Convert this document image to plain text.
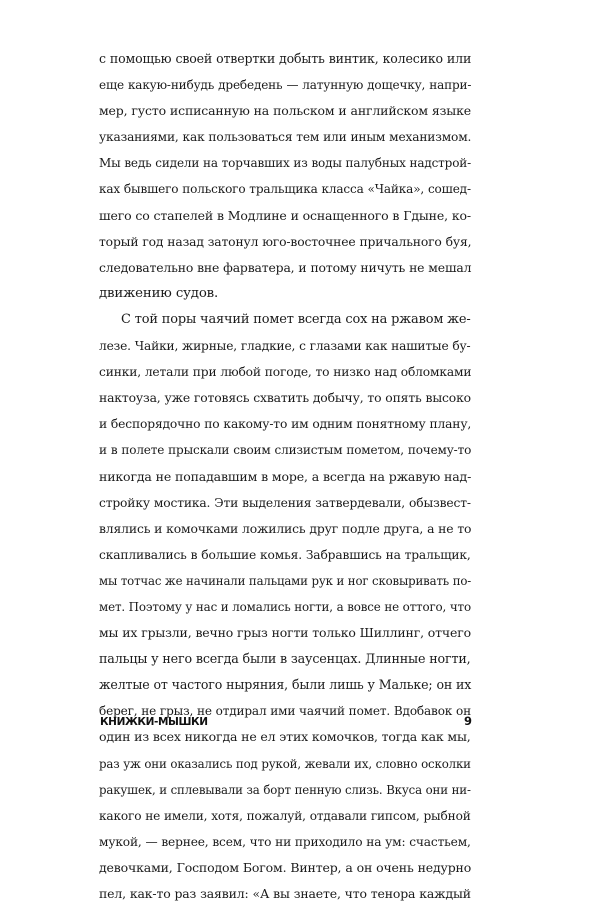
с помощью своей отвертки добыть винтик, колесико или
еще какую-нибудь дребедень — латунную дощечку, напри-
мер, густо исписанную на польском и английском языке
указаниями, как пользоваться тем или иным механизмом.
Мы ведь сидели на торчавших из воды палубных надстрой-
ках бывшего польского тральщика класса «Чайка», сошед-
шего со стапелей в Модлине и оснащенного в Гдыне, ко-
торый год назад затонул юго-восточнее причального буя,
следовательно вне фарватера, и потому ничуть не мешал
движению судов.
С той поры чаячий помет всегда сох на ржавом же-
лезе. Чайки, жирные, гладкие, с глазами как нашитые бу-
синки, летали при любой погоде, то низко над обломками
нактоуза, уже готовясь схватить добычу, то опять высоко
и беспорядочно по какому-то им одним понятному плану,
и в полете прыскали своим слизистым пометом, почему-то
никогда не попадавшим в море, а всегда на ржавую над-
стройку мостика. Эти выделения затвердевали, обызвест-
влялись и комочками ложились друг подле друга, а не то
скапливались в большие комья. Забравшись на тральщик,
мы тотчас же начинали пальцами рук и ног сковыривать по-
мет. Поэтому у нас и ломались ногти, а вовсе не оттого, что
мы их грызли, вечно грыз ногти только Шиллинг, отчего
пальцы у него всегда были в заусенцах. Длинные ногти,
желтые от частого ныряния, были лишь у Мальке; он их
берег, не грыз, не отдирал ими чаячий помет. Вдобавок он
один из всех никогда не ел этих комочков, тогда как мы,
раз уж они оказались под рукой, жевали их, словно осколки
ракушек, и сплевывали за борт пенную слизь. Вкуса они ни-
какого не имели, хотя, пожалуй, отдавали гипсом, рыбной
мукой, — вернее, всем, что ни приходило на ум: счастьем,
девочками, Господом Богом. Винтер, а он очень недурно
пел, как-то раз заявил: «А вы знаете, что тенора каждый
КНИЖКИ-МЫШКИ	9
